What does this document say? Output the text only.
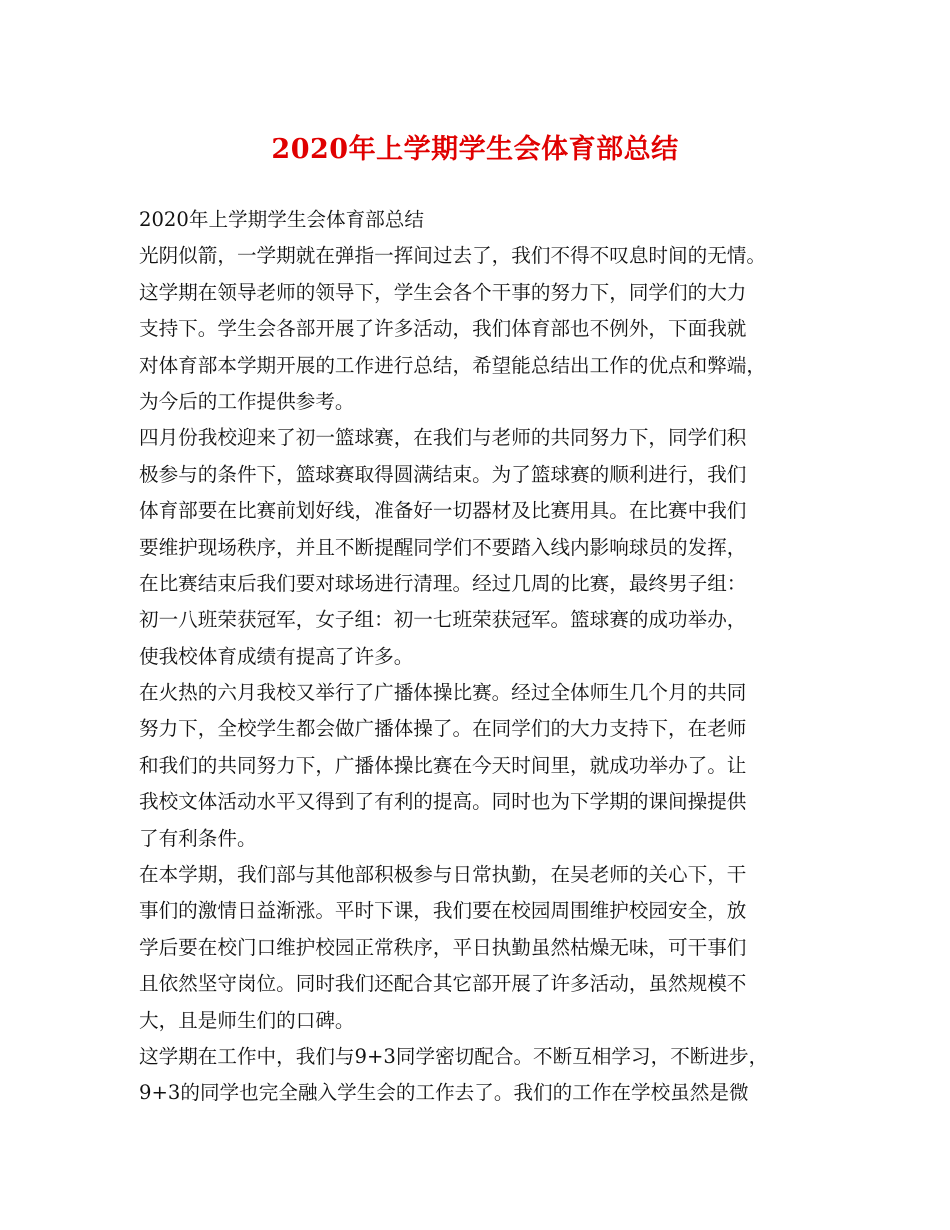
2020年上学期学生会体育部总结
2020年上学期学生会体育部总结
光阴似箭，一学期就在弹指一挥间过去了，我们不得不叹息时间的无情。
这学期在领导老师的领导下，学生会各个干事的努力下，同学们的大力
支持下。学生会各部开展了许多活动，我们体育部也不例外，下面我就
对体育部本学期开展的工作进行总结，希望能总结出工作的优点和弊端，
为今后的工作提供参考。
四月份我校迎来了初一篮球赛，在我们与老师的共同努力下，同学们积
极参与的条件下，篮球赛取得圆满结束。为了篮球赛的顺利进行，我们
体育部要在比赛前划好线，准备好一切器材及比赛用具。在比赛中我们
要维护现场秩序，并且不断提醒同学们不要踏入线内影响球员的发挥，
在比赛结束后我们要对球场进行清理。经过几周的比赛，最终男子组：
初一八班荣获冠军，女子组：初一七班荣获冠军。篮球赛的成功举办，
使我校体育成绩有提高了许多。
在火热的六月我校又举行了广播体操比赛。经过全体师生几个月的共同
努力下，全校学生都会做广播体操了。在同学们的大力支持下，在老师
和我们的共同努力下，广播体操比赛在今天时间里，就成功举办了。让
我校文体活动水平又得到了有利的提高。同时也为下学期的课间操提供
了有利条件。
在本学期，我们部与其他部积极参与日常执勤，在吴老师的关心下，干
事们的激情日益渐涨。平时下课，我们要在校园周围维护校园安全，放
学后要在校门口维护校园正常秩序，平日执勤虽然枯燥无味，可干事们
且依然坚守岗位。同时我们还配合其它部开展了许多活动，虽然规模不
大，且是师生们的口碑。
这学期在工作中，我们与9+3同学密切配合。不断互相学习，不断进步，
9+3的同学也完全融入学生会的工作去了。我们的工作在学校虽然是微
